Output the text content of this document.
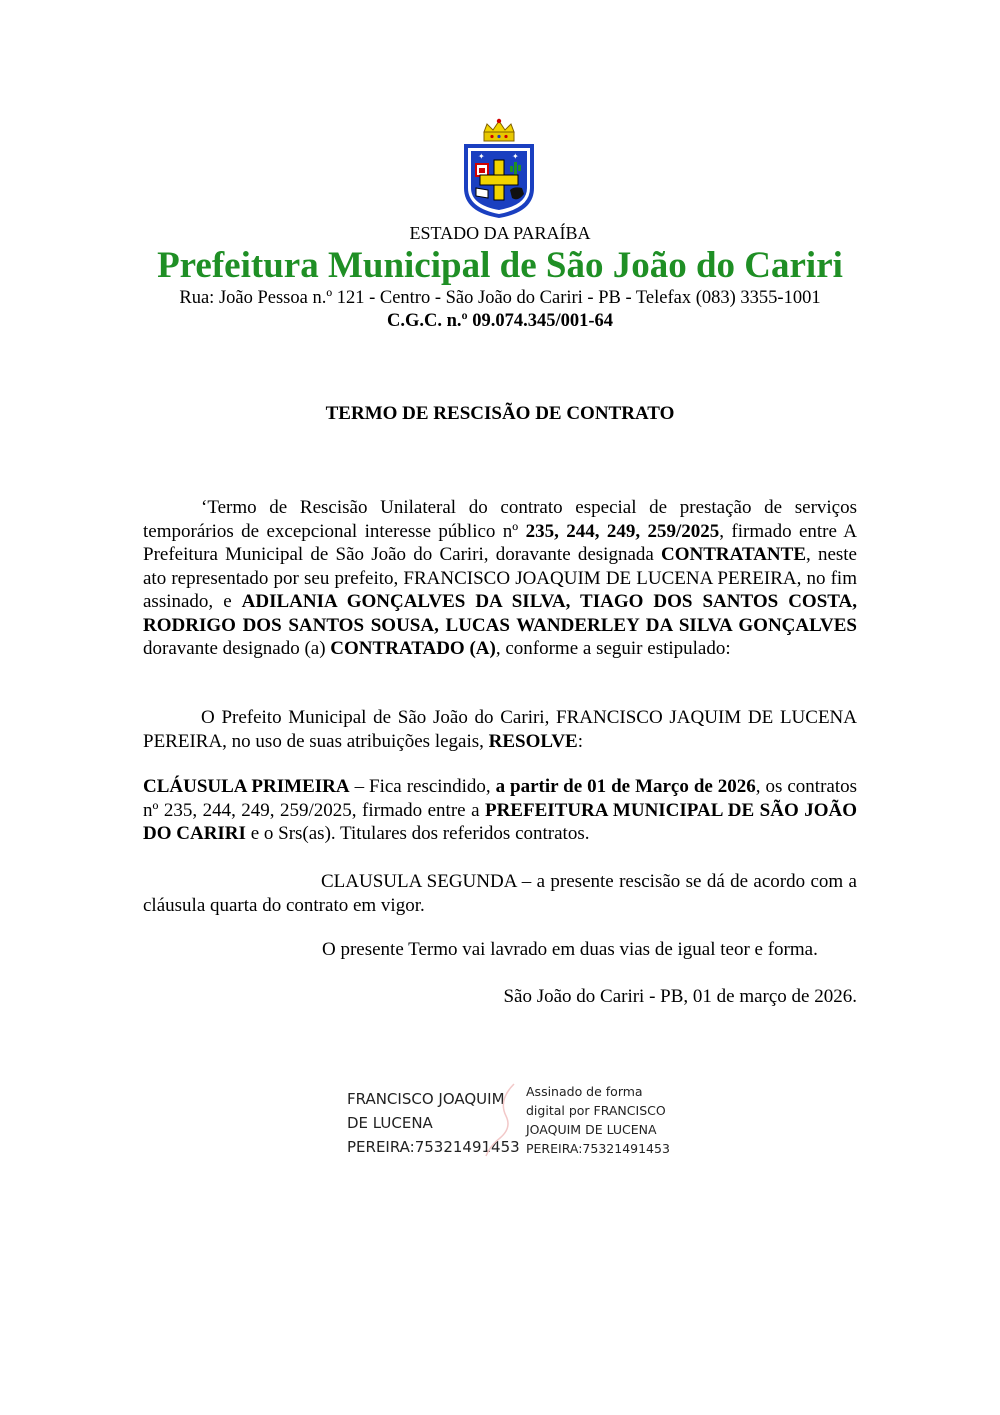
✦	✦
ESTADO DA PARAÍBA
Prefeitura Municipal de São João do Cariri
Rua: João Pessoa n.º 121 - Centro - São João do Cariri - PB - Telefax (083) 3355-1001
C.G.C. n.º 09.074.345/001-64
TERMO DE RESCISÃO DE CONTRATO

‘Termo de Rescisão Unilateral do contrato especial de prestação de serviços temporários de excepcional interesse público nº 235, 244, 249, 259/2025, firmado entre A Prefeitura Municipal de São João do Cariri, doravante designada CONTRATANTE, neste ato representado por seu prefeito, FRANCISCO JOAQUIM DE LUCENA PEREIRA, no fim assinado, e ADILANIA GONÇALVES DA SILVA, TIAGO DOS SANTOS COSTA, RODRIGO DOS SANTOS SOUSA, LUCAS WANDERLEY DA SILVA GONÇALVES doravante designado (a) CONTRATADO (A), conforme a seguir estipulado:

O Prefeito Municipal de São João do Cariri, FRANCISCO JAQUIM DE LUCENA PEREIRA, no uso de suas atribuições legais, RESOLVE:

CLÁUSULA PRIMEIRA – Fica rescindido, a partir de 01 de Março de 2026, os contratos nº 235, 244, 249, 259/2025, firmado entre a PREFEITURA MUNICIPAL DE SÃO JOÃO DO CARIRI e o Srs(as). Titulares dos referidos contratos.

CLAUSULA SEGUNDA – a presente rescisão se dá de acordo com a cláusula quarta do contrato em vigor.

O presente Termo vai lavrado em duas vias de igual teor e forma.

São João do Cariri - PB, 01 de março de 2026.

FRANCISCO JOAQUIM
DE LUCENA
PEREIRA:75321491453
Assinado de forma
digital por FRANCISCO
JOAQUIM DE LUCENA
PEREIRA:75321491453
